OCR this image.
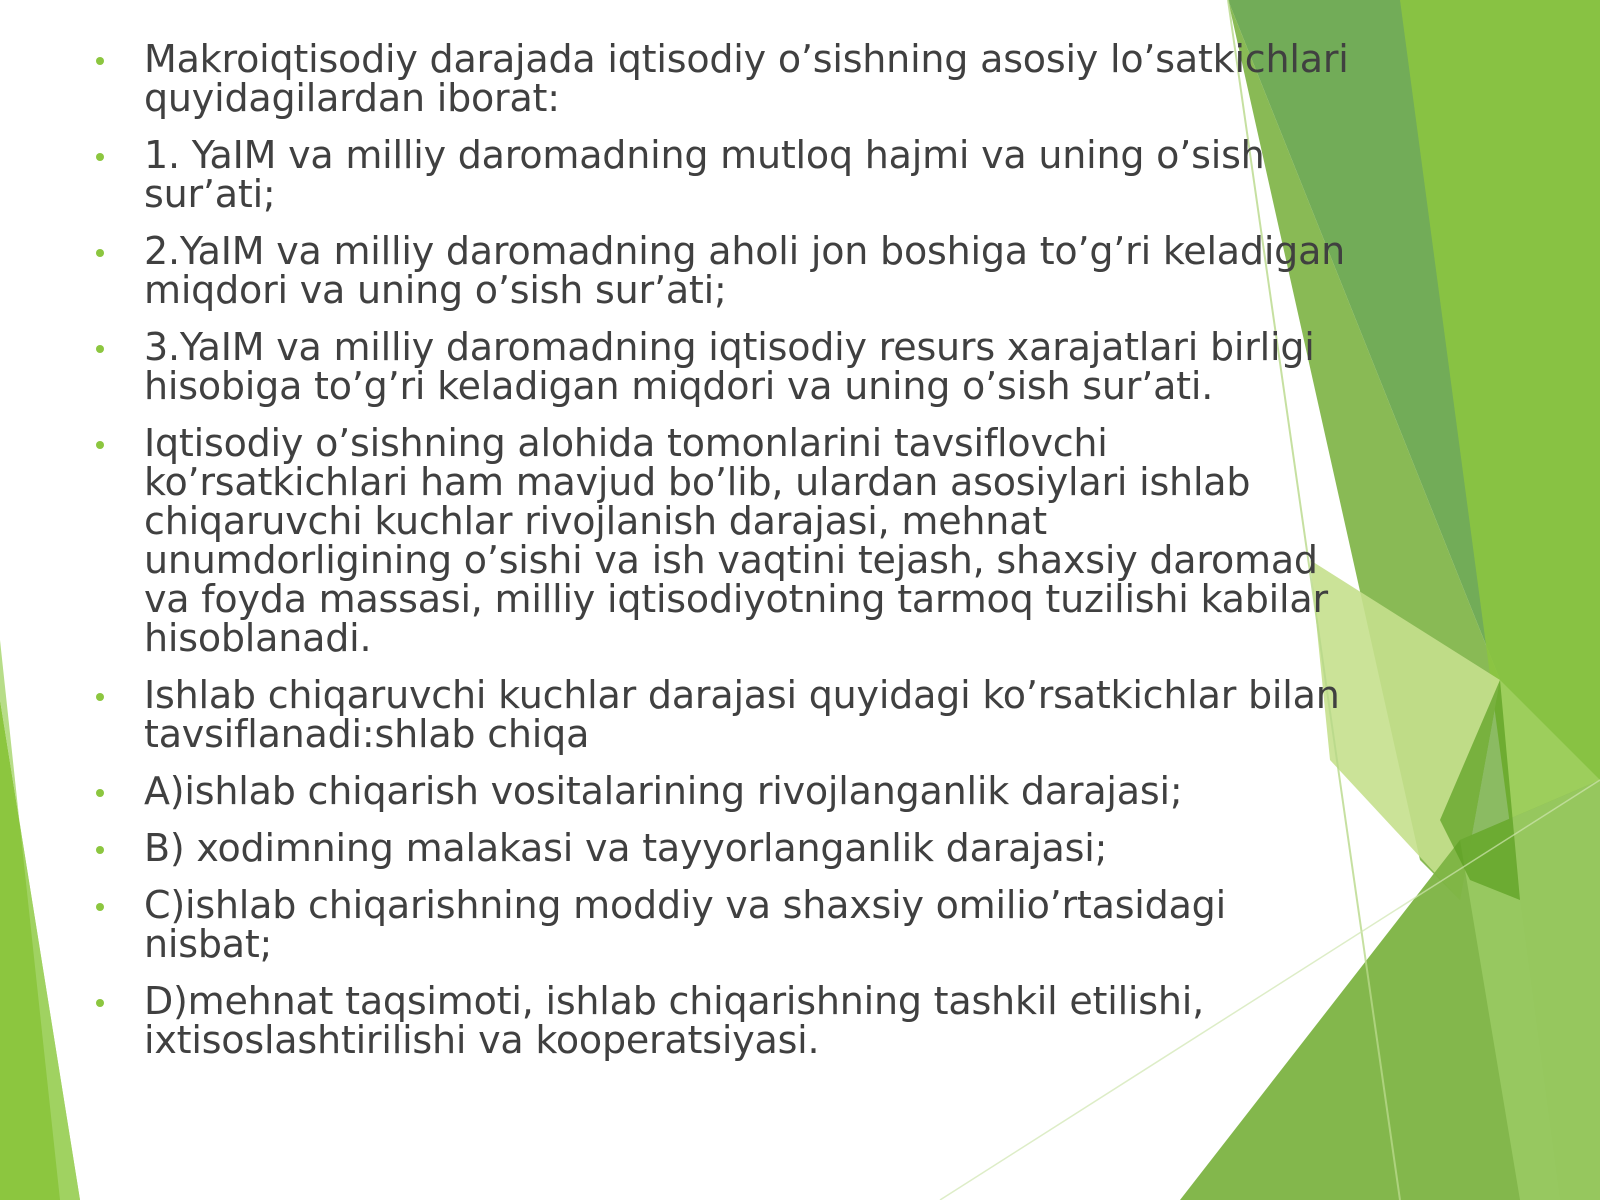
Makroiqtisodiy darajada iqtisodiy o’sishning asosiy lo’satkichlari quyidagilardan iborat:
1. YaIM va milliy daromadning mutloq hajmi va uning o’sish sur’ati;
2.YaIM va milliy daromadning aholi jon boshiga to’g’ri keladigan miqdori va uning o’sish sur’ati;
3.YaIM va milliy daromadning iqtisodiy resurs xarajatlari birligi hisobiga to’g’ri keladigan miqdori va uning o’sish sur’ati.
Iqtisodiy o’sishning alohida tomonlarini tavsiflovchi ko’rsatkichlari ham mavjud bo’lib, ulardan asosiylari ishlab chiqaruvchi kuchlar rivojlanish darajasi, mehnat unumdorligining o’sishi va ish vaqtini tejash, shaxsiy daromad va foyda massasi, milliy iqtisodiyotning tarmoq tuzilishi kabilar hisoblanadi.
Ishlab chiqaruvchi kuchlar darajasi quyidagi ko’rsatkichlar bilan tavsiflanadi:shlab chiqa
A)ishlab chiqarish vositalarining rivojlanganlik darajasi;
B) xodimning malakasi va tayyorlanganlik darajasi;
C)ishlab chiqarishning moddiy va shaxsiy omilio’rtasidagi nisbat;
D)mehnat taqsimoti, ishlab chiqarishning tashkil etilishi, ixtisoslashtirilishi va kooperatsiyasi.
